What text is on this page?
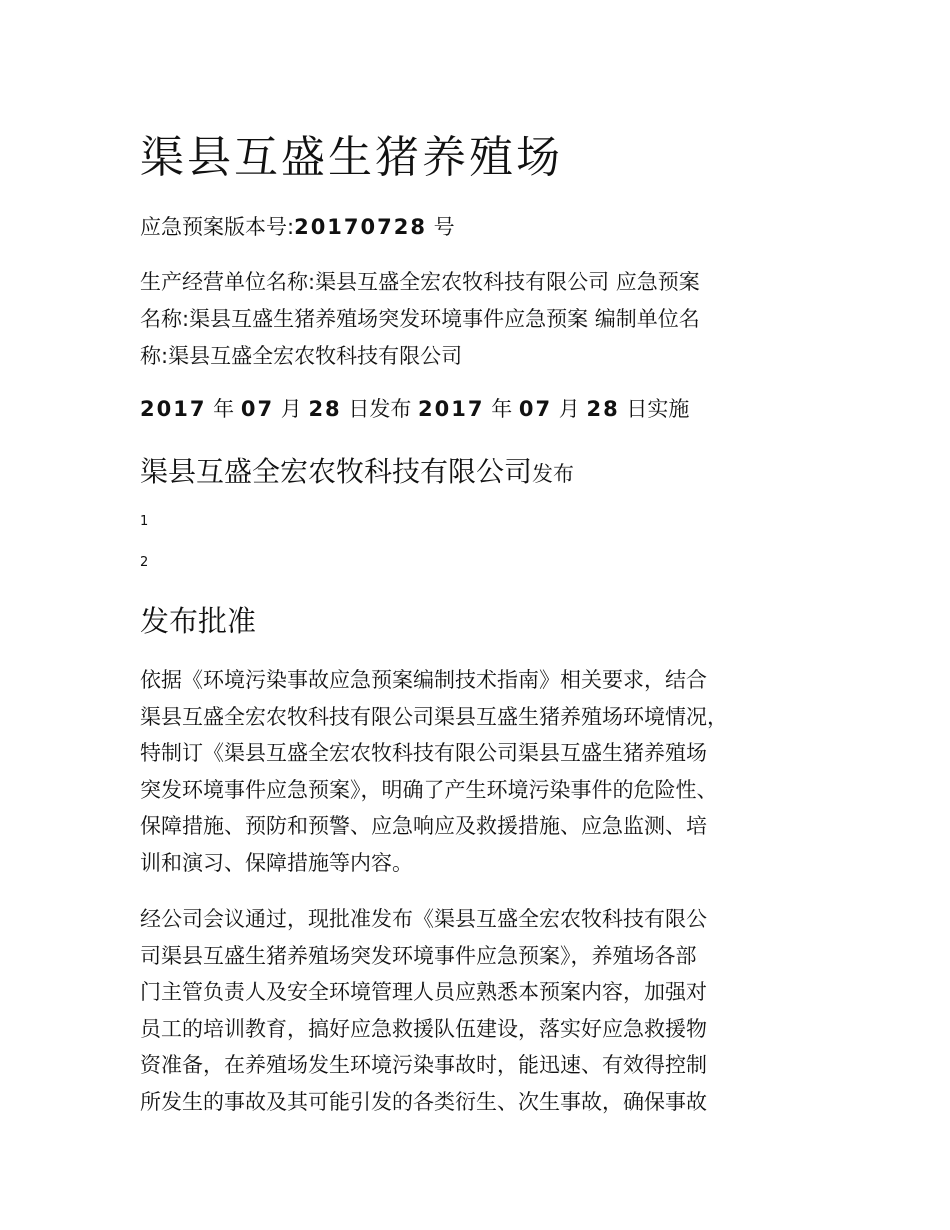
渠县互盛生猪养殖场
应急预案版本号:20170728 号
生产经营单位名称:渠县互盛全宏农牧科技有限公司 应急预案
名称:渠县互盛生猪养殖场突发环境事件应急预案 编制单位名
称:渠县互盛全宏农牧科技有限公司
2017 年 07 月 28 日发布 2017 年 07 月 28 日实施
渠县互盛全宏农牧科技有限公司发布
1
2
发布批准
依据《环境污染事故应急预案编制技术指南》相关要求，结合
渠县互盛全宏农牧科技有限公司渠县互盛生猪养殖场环境情况，
特制订《渠县互盛全宏农牧科技有限公司渠县互盛生猪养殖场
突发环境事件应急预案》，明确了产生环境污染事件的危险性、
保障措施、预防和预警、应急响应及救援措施、应急监测、培
训和演习、保障措施等内容。
经公司会议通过，现批准发布《渠县互盛全宏农牧科技有限公
司渠县互盛生猪养殖场突发环境事件应急预案》，养殖场各部
门主管负责人及安全环境管理人员应熟悉本预案内容，加强对
员工的培训教育，搞好应急救援队伍建设，落实好应急救援物
资准备，在养殖场发生环境污染事故时，能迅速、有效得控制
所发生的事故及其可能引发的各类衍生、次生事故，确保事故
